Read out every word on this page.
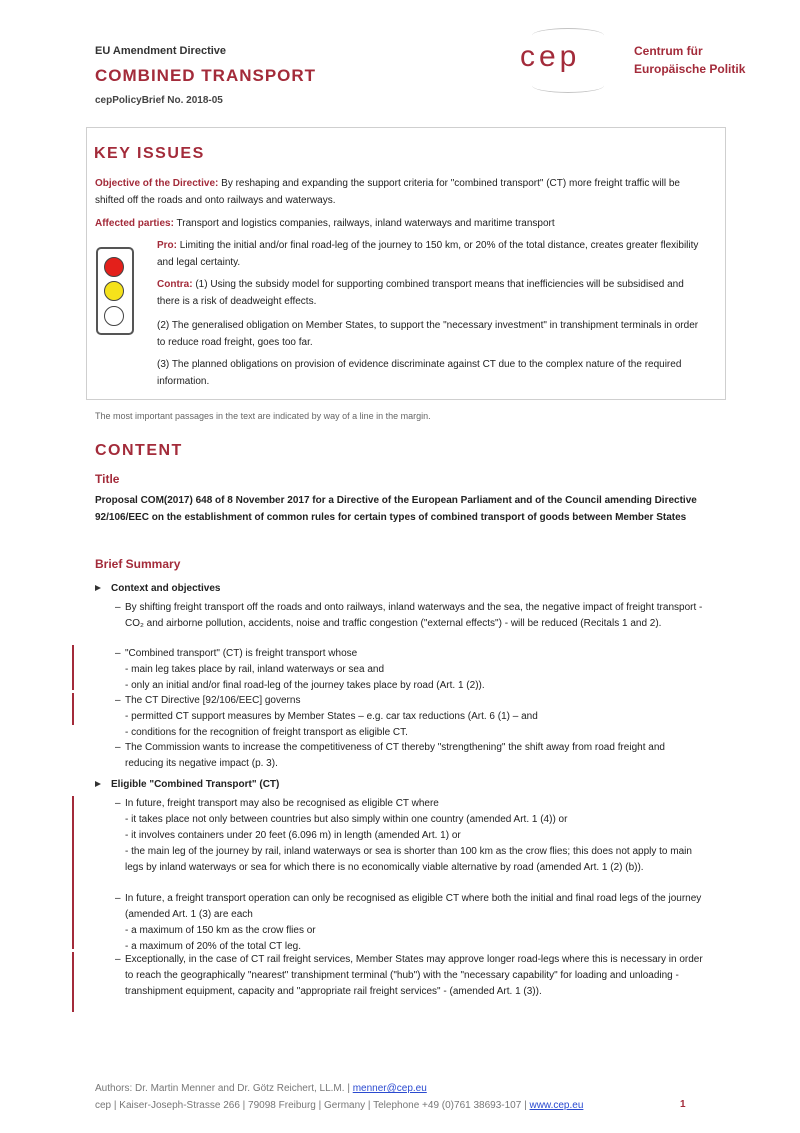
EU Amendment Directive
COMBINED TRANSPORT
cepPolicyBrief No. 2018-05
cep	Centrum für
Europäische Politik
KEY ISSUES
Objective of the Directive: By reshaping and expanding the support criteria for "combined transport" (CT) more freight traffic will be shifted off the roads and onto railways and waterways.
Affected parties: Transport and logistics companies, railways, inland waterways and maritime transport
Pro: Limiting the initial and/or final road-leg of the journey to 150 km, or 20% of the total distance, creates greater flexibility and legal certainty.
Contra: (1) Using the subsidy model for supporting combined transport means that inefficiencies will be subsidised and there is a risk of deadweight effects.
(2) The generalised obligation on Member States, to support the "necessary investment" in transhipment terminals in order to reduce road freight, goes too far.
(3) The planned obligations on provision of evidence discriminate against CT due to the complex nature of the required information.
The most important passages in the text are indicated by way of a line in the margin.
CONTENT
Title
Proposal COM(2017) 648 of 8 November 2017 for a Directive of the European Parliament and of the Council amending Directive 92/106/EEC on the establishment of common rules for certain types of combined transport of goods between Member States
Brief Summary
Context and objectives
– By shifting freight transport off the roads and onto railways, inland waterways and the sea, the negative impact of freight transport - CO₂ and airborne pollution, accidents, noise and traffic congestion ("external effects") - will be reduced (Recitals 1 and 2).
– "Combined transport" (CT) is freight transport whose
- main leg takes place by rail, inland waterways or sea and
- only an initial and/or final road-leg of the journey takes place by road (Art. 1 (2)).
– The CT Directive [92/106/EEC] governs
- permitted CT support measures by Member States – e.g. car tax reductions (Art. 6 (1) – and
- conditions for the recognition of freight transport as eligible CT.
– The Commission wants to increase the competitiveness of CT thereby "strengthening" the shift away from road freight and reducing its negative impact (p. 3).
Eligible "Combined Transport" (CT)
– In future, freight transport may also be recognised as eligible CT where
- it takes place not only between countries but also simply within one country (amended Art. 1 (4)) or
- it involves containers under 20 feet (6.096 m) in length (amended Art. 1) or
- the main leg of the journey by rail, inland waterways or sea is shorter than 100 km as the crow flies; this does not apply to main legs by inland waterways or sea for which there is no economically viable alternative by road (amended Art. 1 (2) (b)).
– In future, a freight transport operation can only be recognised as eligible CT where both the initial and final road legs of the journey (amended Art. 1 (3) are each
- a maximum of 150 km as the crow flies or
- a maximum of 20% of the total CT leg.
– Exceptionally, in the case of CT rail freight services, Member States may approve longer road-legs where this is necessary in order to reach the geographically "nearest" transhipment terminal ("hub") with the "necessary capability" for loading and unloading - transhipment equipment, capacity and "appropriate rail freight services" - (amended Art. 1 (3)).
Authors: Dr. Martin Menner and Dr. Götz Reichert, LL.M. | menner@cep.eu
cep | Kaiser-Joseph-Strasse 266 | 79098 Freiburg | Germany | Telephone +49 (0)761 38693-107 | www.cep.eu	1
